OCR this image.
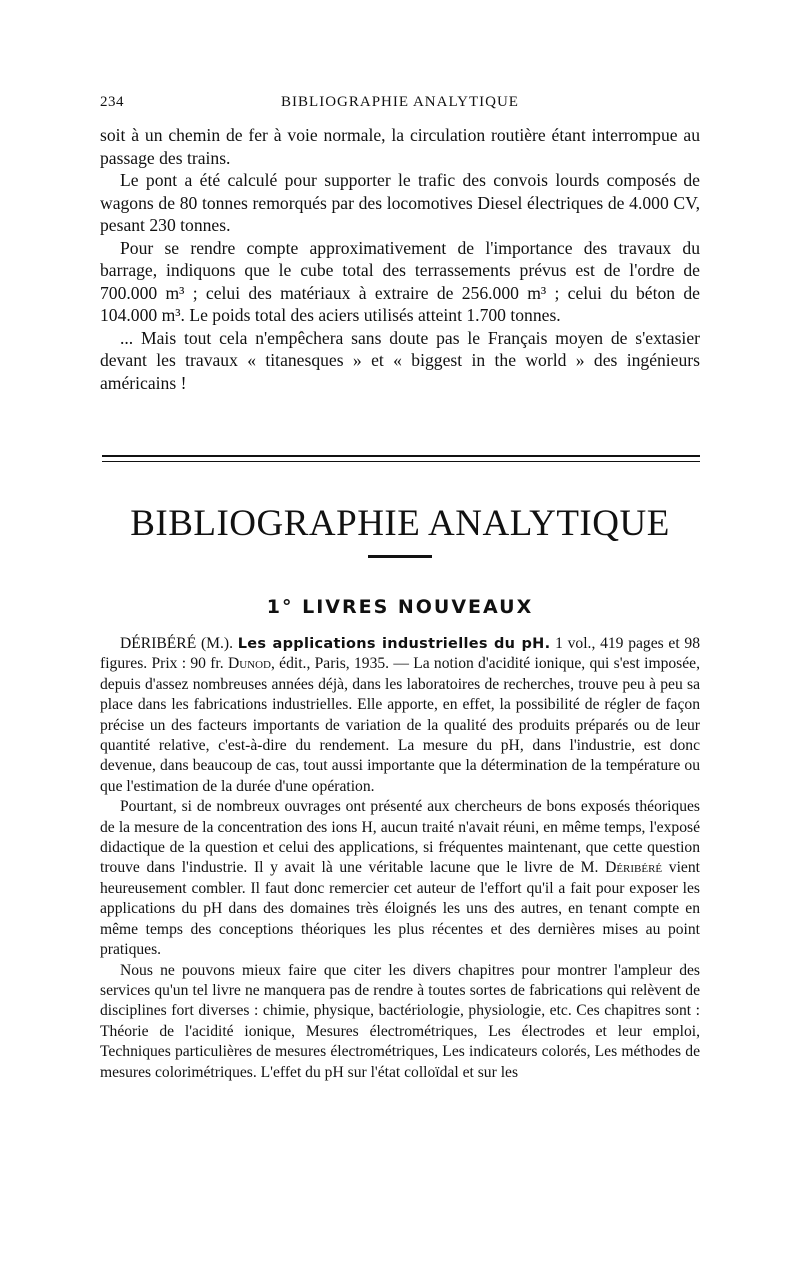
234	BIBLIOGRAPHIE ANALYTIQUE

soit à un chemin de fer à voie normale, la circulation routière étant interrompue au passage des trains.

Le pont a été calculé pour supporter le trafic des convois lourds composés de wagons de 80 tonnes remorqués par des locomotives Diesel électriques de 4.000 CV, pesant 230 tonnes.

Pour se rendre compte approximativement de l'importance des travaux du barrage, indiquons que le cube total des terrassements prévus est de l'ordre de 700.000 m³ ; celui des matériaux à extraire de 256.000 m³ ; celui du béton de 104.000 m³. Le poids total des aciers utilisés atteint 1.700 tonnes.

... Mais tout cela n'empêchera sans doute pas le Français moyen de s'extasier devant les travaux « titanesques » et « biggest in the world » des ingénieurs américains !

BIBLIOGRAPHIE ANALYTIQUE
1° LIVRES NOUVEAUX

DÉRIBÉRÉ (M.). Les applications industrielles du pH. 1 vol., 419 pages et 98 figures. Prix : 90 fr. Dunod, édit., Paris, 1935. — La notion d'acidité ionique, qui s'est imposée, depuis d'assez nombreuses années déjà, dans les laboratoires de recherches, trouve peu à peu sa place dans les fabrications industrielles. Elle apporte, en effet, la possibilité de régler de façon précise un des facteurs importants de variation de la qualité des produits préparés ou de leur quantité relative, c'est-à-dire du rendement. La mesure du pH, dans l'industrie, est donc devenue, dans beaucoup de cas, tout aussi importante que la détermination de la température ou que l'estimation de la durée d'une opération.

Pourtant, si de nombreux ouvrages ont présenté aux chercheurs de bons exposés théoriques de la mesure de la concentration des ions H, aucun traité n'avait réuni, en même temps, l'exposé didactique de la question et celui des applications, si fréquentes maintenant, que cette question trouve dans l'industrie. Il y avait là une véritable lacune que le livre de M. Déribéré vient heureusement combler. Il faut donc remercier cet auteur de l'effort qu'il a fait pour exposer les applications du pH dans des domaines très éloignés les uns des autres, en tenant compte en même temps des conceptions théoriques les plus récentes et des dernières mises au point pratiques.

Nous ne pouvons mieux faire que citer les divers chapitres pour montrer l'ampleur des services qu'un tel livre ne manquera pas de rendre à toutes sortes de fabrications qui relèvent de disciplines fort diverses : chimie, physique, bactériologie, physiologie, etc. Ces chapitres sont : Théorie de l'acidité ionique, Mesures électrométriques, Les électrodes et leur emploi, Techniques particulières de mesures électrométriques, Les indicateurs colorés, Les méthodes de mesures colorimétriques. L'effet du pH sur l'état colloïdal et sur les
